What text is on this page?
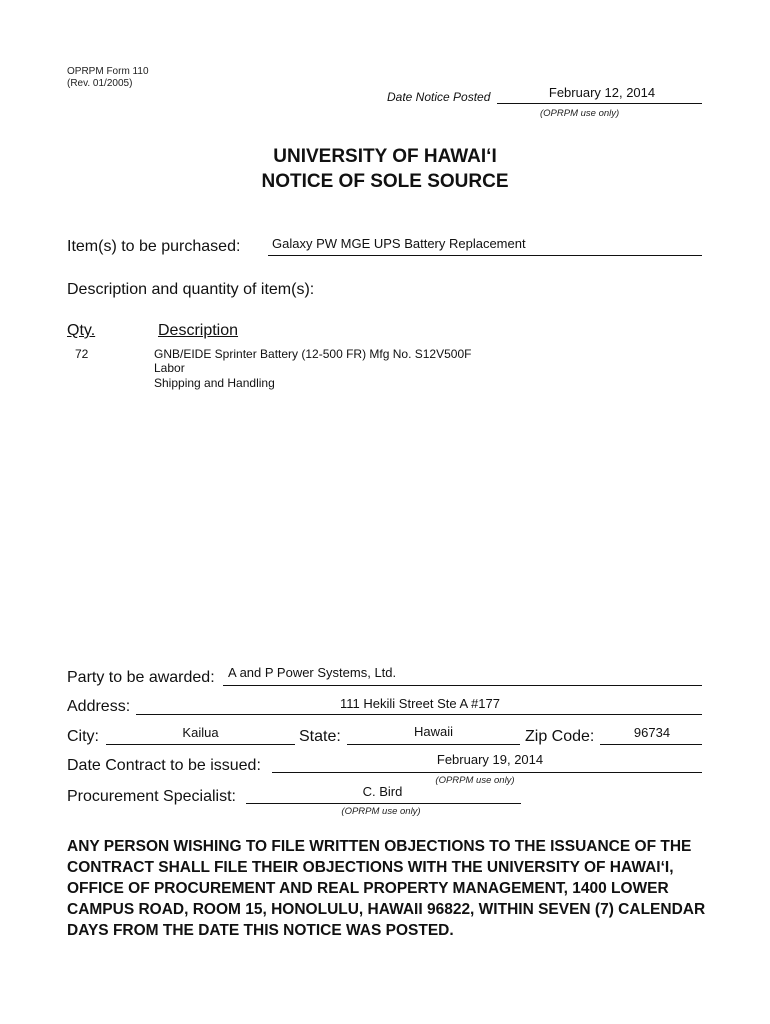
OPRPM Form 110
(Rev. 01/2005)
Date Notice Posted	February 12, 2014
(OPRPM use only)
UNIVERSITY OF HAWAI‘I
NOTICE OF SOLE SOURCE
Item(s) to be purchased: Galaxy PW MGE UPS Battery Replacement
Description and quantity of item(s):
Qty.	Description
72	GNB/EIDE Sprinter Battery (12-500 FR) Mfg No. S12V500F
Labor
Shipping and Handling
Party to be awarded: A and P Power Systems, Ltd.
Address:	111 Hekili Street Ste A #177
City:	Kailua	State:	Hawaii	Zip Code:	96734
Date Contract to be issued:	February 19, 2014
(OPRPM use only)
Procurement Specialist:	C. Bird
(OPRPM use only)
ANY PERSON WISHING TO FILE WRITTEN OBJECTIONS TO THE ISSUANCE OF THE CONTRACT SHALL FILE THEIR OBJECTIONS WITH THE UNIVERSITY OF HAWAI‘I, OFFICE OF PROCUREMENT AND REAL PROPERTY MANAGEMENT, 1400 LOWER CAMPUS ROAD, ROOM 15, HONOLULU, HAWAII 96822, WITHIN SEVEN (7) CALENDAR DAYS FROM THE DATE THIS NOTICE WAS POSTED.
